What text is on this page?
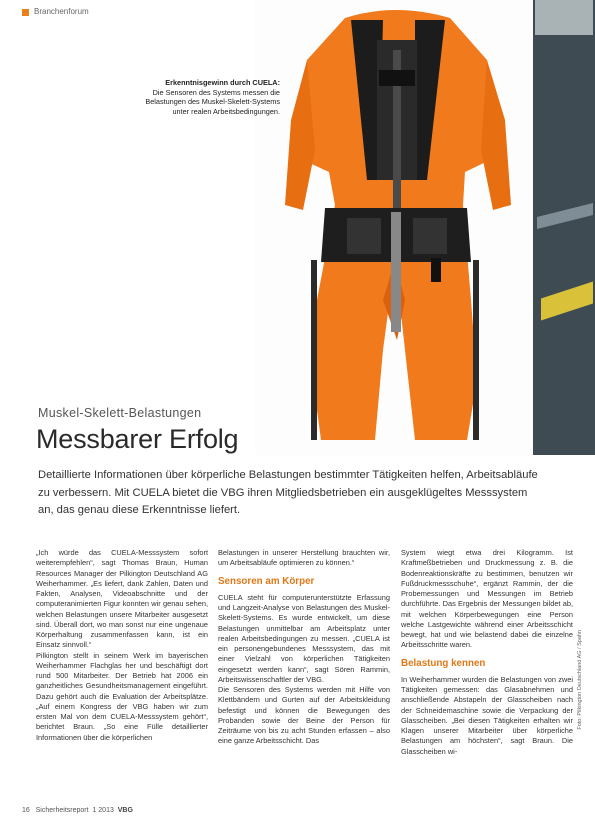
Branchenforum
Erkenntnisgewinn durch CUELA:
Die Sensoren des Systems messen die Belastungen des Muskel-Skelett-Systems unter realen Arbeitsbedingungen.
Muskel-Skelett-Belastungen
Messbarer Erfolg
Detaillierte Informationen über körperliche Belastungen bestimmter Tätigkeiten helfen, Arbeitsabläufe zu verbessern. Mit CUELA bietet die VBG ihren Mitgliedsbetrieben ein ausgeklügeltes Messsystem an, das genau diese Erkenntnisse liefert.

„Ich würde das CUELA-Messsystem sofort weiterempfehlen“, sagt Thomas Braun, Human Resources Manager der Pilkington Deutschland AG Weiherhammer. „Es liefert, dank Zahlen, Daten und Fakten, Analysen, Videoabschnitte und der computeranimierten Figur konnten wir genau sehen, welchen Belastungen unsere Mitarbeiter ausgesetzt sind. Überall dort, wo man sonst nur eine ungenaue Körperhaltung zusammenfassen kann, ist ein Einsatz sinnvoll.“

Pilkington stellt in seinem Werk im bayerischen Weiherhammer Flachglas her und beschäftigt dort rund 500 Mitarbeiter. Der Betrieb hat 2006 ein ganzheitliches Gesundheitsmanagement eingeführt. Dazu gehört auch die Evaluation der Arbeitsplätze. „Auf einem Kongress der VBG haben wir zum ersten Mal von dem CUELA-Messsystem gehört“, berichtet Braun. „So eine Fülle detaillierter Informationen über die körperlichen

Belastungen in unserer Herstellung brauchten wir, um Arbeitsabläufe optimieren zu können.“

Sensoren am Körper

CUELA steht für computerunterstützte Erfassung und Langzeit-Analyse von Belastungen des Muskel-Skelett-Systems. Es wurde entwickelt, um diese Belastungen unmittelbar am Arbeitsplatz unter realen Arbeitsbedingungen zu messen. „CUELA ist ein personengebundenes Messsystem, das mit einer Vielzahl von körperlichen Tätigkeiten eingesetzt werden kann“, sagt Sören Rammin, Arbeitswissenschaftler der VBG.

Die Sensoren des Systems werden mit Hilfe von Klettbändern und Gurten auf der Arbeitskleidung befestigt und können die Bewegungen des Probanden sowie der Beine der Person für Zeiträume von bis zu acht Stunden erfassen – also eine ganze Arbeitsschicht. Das

System wiegt etwa drei Kilogramm. Ist Kraftmeßbetrieben und Druckmessung z. B. die Bodenreaktionskräfte zu bestimmen, benutzen wir Fußdruckmessschuhe“, ergänzt Rammin, der die Probemessungen und Messungen im Betrieb durchführte. Das Ergebnis der Messungen bildet ab, mit welchen Körperbewegungen eine Person welche Lastgewichte während einer Arbeitsschicht bewegt, hat und wie belastend dabei die einzelne Arbeitsschritte waren.

Belastung kennen

In Weiherhammer wurden die Belastungen von zwei Tätigkeiten gemessen: das Glasabnehmen und anschließende Abstapeln der Glasscheiben nach der Schneidemaschine sowie die Verpackung der Glasscheiben. „Bei diesen Tätigkeiten erhalten wir Klagen unserer Mitarbeiter über körperliche Belastungen am höchsten“, sagt Braun. Die Glasscheiben wi-

Foto: Pilkington Deutschland AG / Spahn
16 Sicherheitsreport 1 2013 VBG
